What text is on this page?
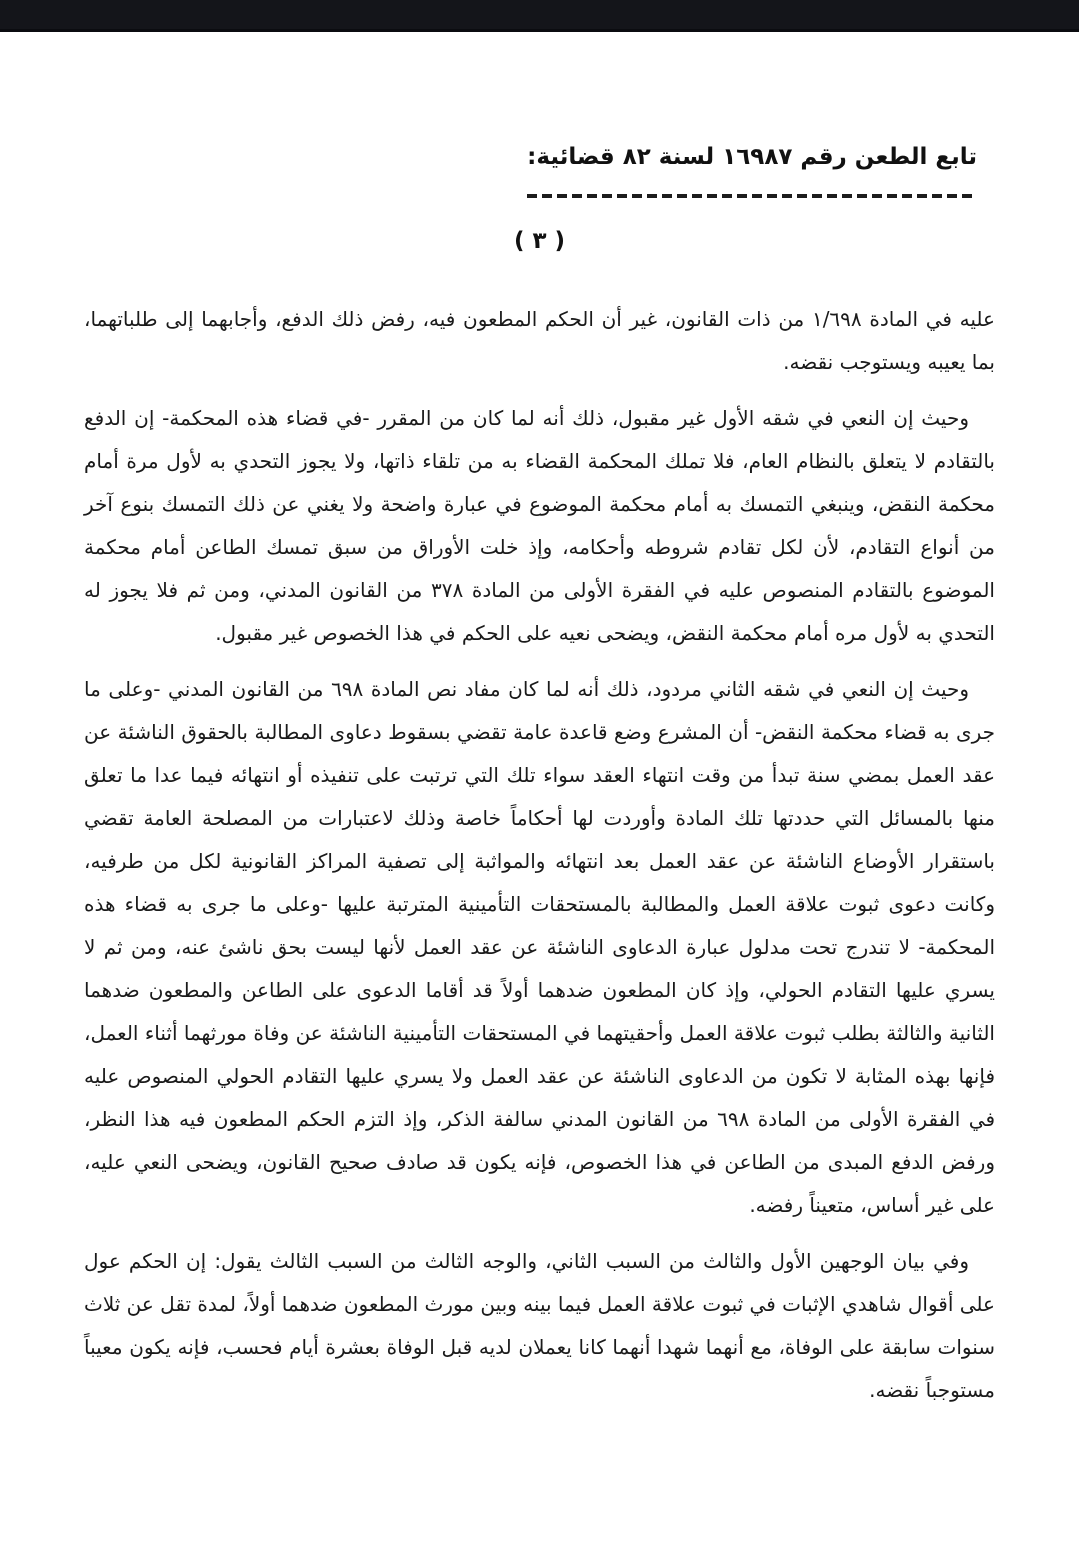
تابع الطعن رقم ١٦٩٨٧ لسنة ٨٢ قضائية:
( ٣ )

عليه في المادة ١/٦٩٨ من ذات القانون، غير أن الحكم المطعون فيه، رفض ذلك الدفع، وأجابهما إلى طلباتهما، بما يعيبه ويستوجب نقضه.

وحيث إن النعي في شقه الأول غير مقبول، ذلك أنه لما كان من المقرر -في قضاء هذه المحكمة- إن الدفع بالتقادم لا يتعلق بالنظام العام، فلا تملك المحكمة القضاء به من تلقاء ذاتها، ولا يجوز التحدي به لأول مرة أمام محكمة النقض، وينبغي التمسك به أمام محكمة الموضوع في عبارة واضحة ولا يغني عن ذلك التمسك بنوع آخر من أنواع التقادم، لأن لكل تقادم شروطه وأحكامه، وإذ خلت الأوراق من سبق تمسك الطاعن أمام محكمة الموضوع بالتقادم المنصوص عليه في الفقرة الأولى من المادة ٣٧٨ من القانون المدني، ومن ثم فلا يجوز له التحدي به لأول مره أمام محكمة النقض، ويضحى نعيه على الحكم في هذا الخصوص غير مقبول.

وحيث إن النعي في شقه الثاني مردود، ذلك أنه لما كان مفاد نص المادة ٦٩٨ من القانون المدني -وعلى ما جرى به قضاء محكمة النقض- أن المشرع وضع قاعدة عامة تقضي بسقوط دعاوى المطالبة بالحقوق الناشئة عن عقد العمل بمضي سنة تبدأ من وقت انتهاء العقد سواء تلك التي ترتبت على تنفيذه أو انتهائه فيما عدا ما تعلق منها بالمسائل التي حددتها تلك المادة وأوردت لها أحكاماً خاصة وذلك لاعتبارات من المصلحة العامة تقضي باستقرار الأوضاع الناشئة عن عقد العمل بعد انتهائه والمواثبة إلى تصفية المراكز القانونية لكل من طرفيه، وكانت دعوى ثبوت علاقة العمل والمطالبة بالمستحقات التأمينية المترتبة عليها -وعلى ما جرى به قضاء هذه المحكمة- لا تندرج تحت مدلول عبارة الدعاوى الناشئة عن عقد العمل لأنها ليست بحق ناشئ عنه، ومن ثم لا يسري عليها التقادم الحولي، وإذ كان المطعون ضدهما أولاً قد أقاما الدعوى على الطاعن والمطعون ضدهما الثانية والثالثة بطلب ثبوت علاقة العمل وأحقيتهما في المستحقات التأمينية الناشئة عن وفاة مورثهما أثناء العمل، فإنها بهذه المثابة لا تكون من الدعاوى الناشئة عن عقد العمل ولا يسري عليها التقادم الحولي المنصوص عليه في الفقرة الأولى من المادة ٦٩٨ من القانون المدني سالفة الذكر، وإذ التزم الحكم المطعون فيه هذا النظر، ورفض الدفع المبدى من الطاعن في هذا الخصوص، فإنه يكون قد صادف صحيح القانون، ويضحى النعي عليه، على غير أساس، متعيناً رفضه.

وفي بيان الوجهين الأول والثالث من السبب الثاني، والوجه الثالث من السبب الثالث يقول: إن الحكم عول على أقوال شاهدي الإثبات في ثبوت علاقة العمل فيما بينه وبين مورث المطعون ضدهما أولاً، لمدة تقل عن ثلاث سنوات سابقة على الوفاة، مع أنهما شهدا أنهما كانا يعملان لديه قبل الوفاة بعشرة أيام فحسب، فإنه يكون معيباً مستوجباً نقضه.
